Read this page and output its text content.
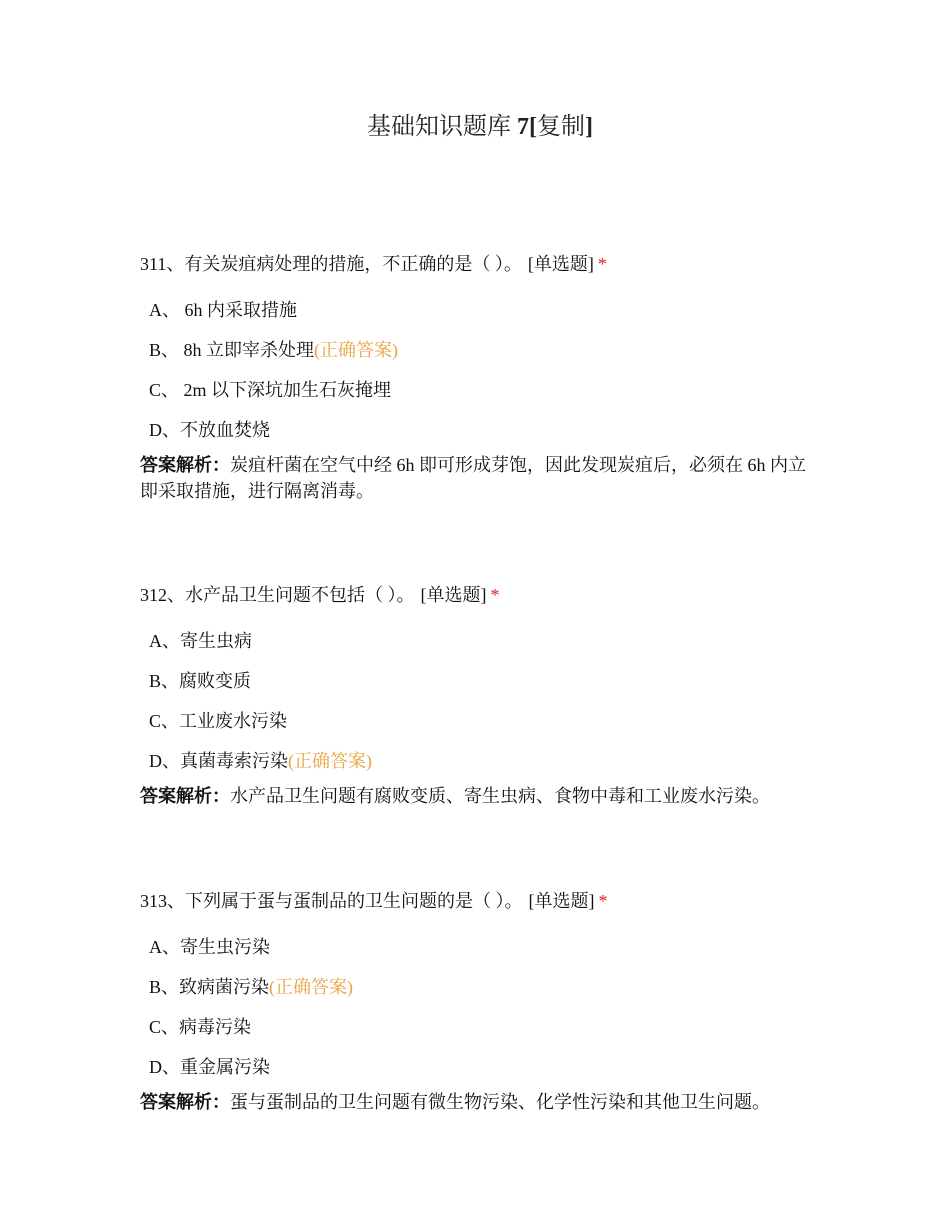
基础知识题库 7[复制]
311、有关炭疽病处理的措施，不正确的是（ ）。 [单选题] *
A、 6h 内采取措施
B、 8h 立即宰杀处理(正确答案)
C、 2m 以下深坑加生石灰掩埋
D、不放血焚烧
答案解析：炭疽杆菌在空气中经 6h 即可形成芽饱，因此发现炭疽后，必须在 6h 内立即采取措施，进行隔离消毒。
312、水产品卫生问题不包括（ ）。 [单选题] *
A、寄生虫病
B、腐败变质
C、工业废水污染
D、真菌毒索污染(正确答案)
答案解析：水产品卫生问题有腐败变质、寄生虫病、食物中毒和工业废水污染。
313、下列属于蛋与蛋制品的卫生问题的是（ ）。 [单选题] *
A、寄生虫污染
B、致病菌污染(正确答案)
C、病毒污染
D、重金属污染
答案解析：蛋与蛋制品的卫生问题有微生物污染、化学性污染和其他卫生问题。
